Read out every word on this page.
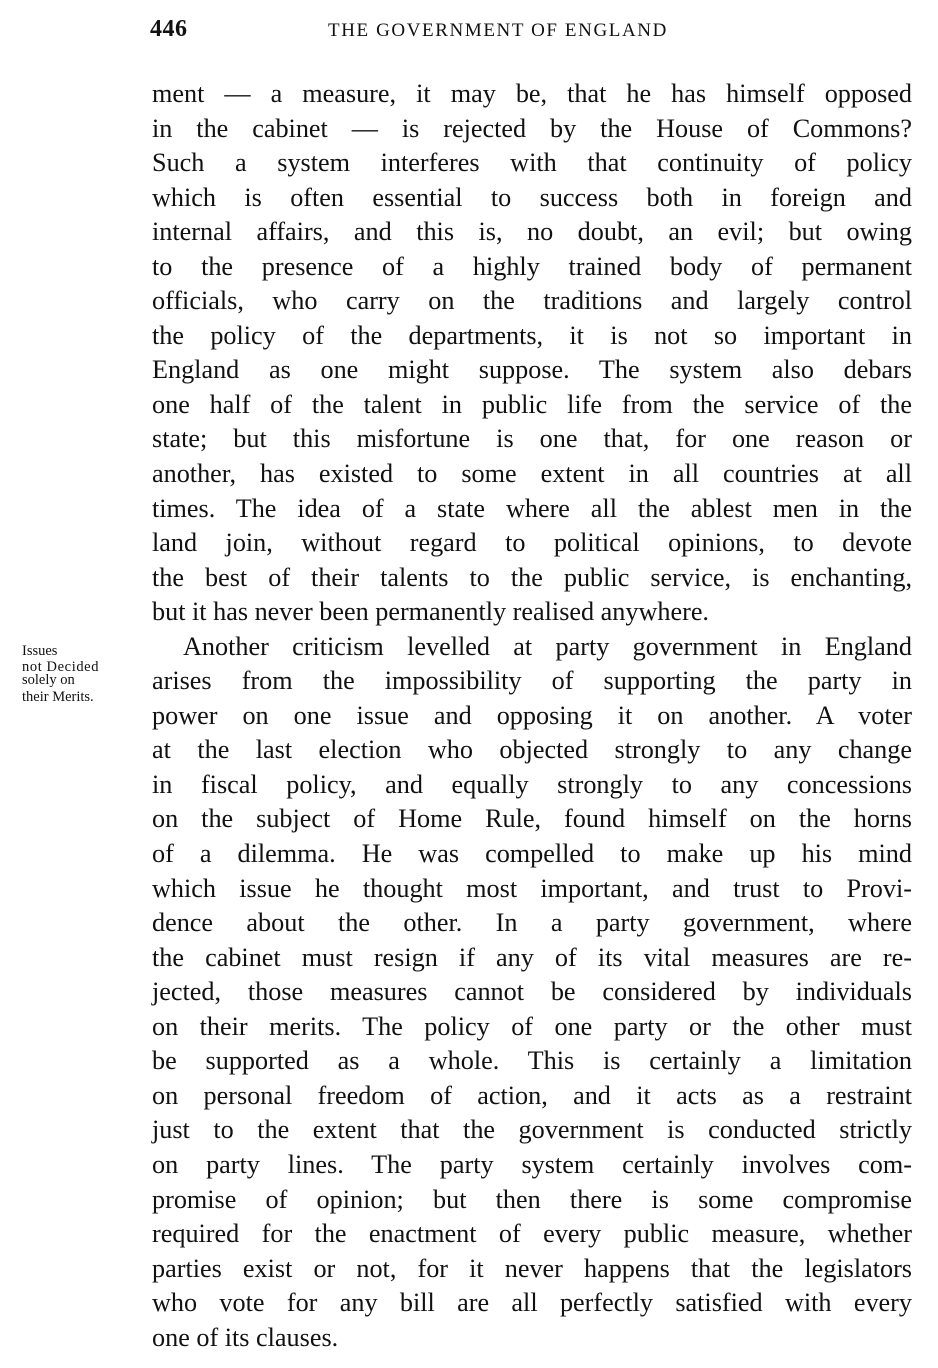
446	THE GOVERNMENT OF ENGLAND
Issues
not Decided
solely on
their Merits.
ment — a measure, it may be, that he has himself opposed
in the cabinet — is rejected by the House of Commons?
Such a system interferes with that continuity of policy
which is often essential to success both in foreign and
internal affairs, and this is, no doubt, an evil; but owing
to the presence of a highly trained body of permanent
officials, who carry on the traditions and largely control
the policy of the departments, it is not so important in
England as one might suppose. The system also debars
one half of the talent in public life from the service of the
state; but this misfortune is one that, for one reason or
another, has existed to some extent in all countries at all
times. The idea of a state where all the ablest men in the
land join, without regard to political opinions, to devote
the best of their talents to the public service, is enchanting,
but it has never been permanently realised anywhere.
Another criticism levelled at party government in England
arises from the impossibility of supporting the party in
power on one issue and opposing it on another. A voter
at the last election who objected strongly to any change
in fiscal policy, and equally strongly to any concessions
on the subject of Home Rule, found himself on the horns
of a dilemma. He was compelled to make up his mind
which issue he thought most important, and trust to Provi-
dence about the other. In a party government, where
the cabinet must resign if any of its vital measures are re-
jected, those measures cannot be considered by individuals
on their merits. The policy of one party or the other must
be supported as a whole. This is certainly a limitation
on personal freedom of action, and it acts as a restraint
just to the extent that the government is conducted strictly
on party lines. The party system certainly involves com-
promise of opinion; but then there is some compromise
required for the enactment of every public measure, whether
parties exist or not, for it never happens that the legislators
who vote for any bill are all perfectly satisfied with every
one of its clauses.
